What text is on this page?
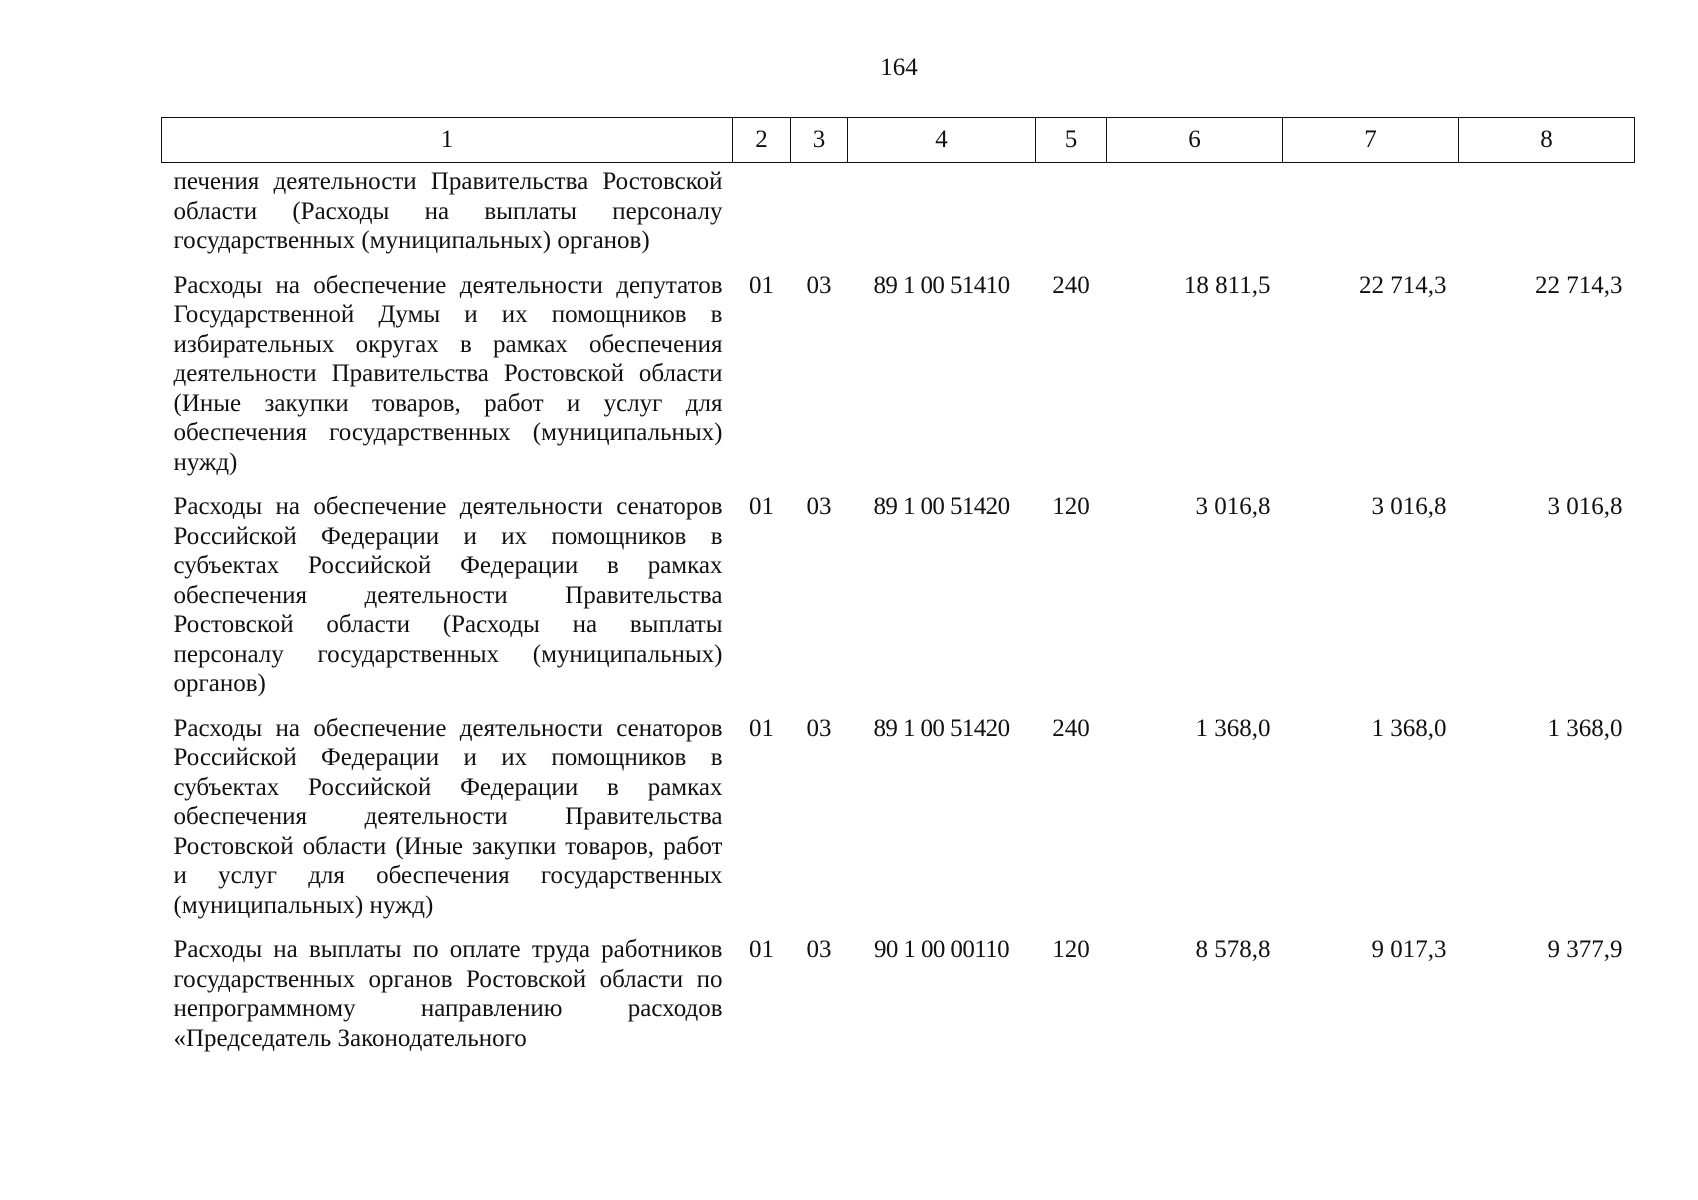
164
1	2	3	4	5	6	7	8
печения деятельности Правительства Ростовской области (Расходы на выплаты персоналу государственных (муниципальных) органов)							
Расходы на обеспечение деятельности депутатов Государственной Думы и их помощников в избирательных округах в рамках обеспечения деятельности Правительства Ростовской области (Иные закупки товаров, работ и услуг для обеспечения государственных (муниципальных) нужд)	01	03	89 1 00 51410	240	18 811,5	22 714,3	22 714,3
Расходы на обеспечение деятельности сенаторов Российской Федерации и их помощников в субъектах Российской Федерации в рамках обеспечения деятельности Правительства Ростовской области (Расходы на выплаты персоналу государственных (муниципальных) органов)	01	03	89 1 00 51420	120	3 016,8	3 016,8	3 016,8
Расходы на обеспечение деятельности сенаторов Российской Федерации и их помощников в субъектах Российской Федерации в рамках обеспечения деятельности Правительства Ростовской области (Иные закупки товаров, работ и услуг для обеспечения государственных (муниципальных) нужд)	01	03	89 1 00 51420	240	1 368,0	1 368,0	1 368,0
Расходы на выплаты по оплате труда работников государственных органов Ростовской области по непрограммному направлению расходов «Председатель Законодательного	01	03	90 1 00 00110	120	8 578,8	9 017,3	9 377,9
